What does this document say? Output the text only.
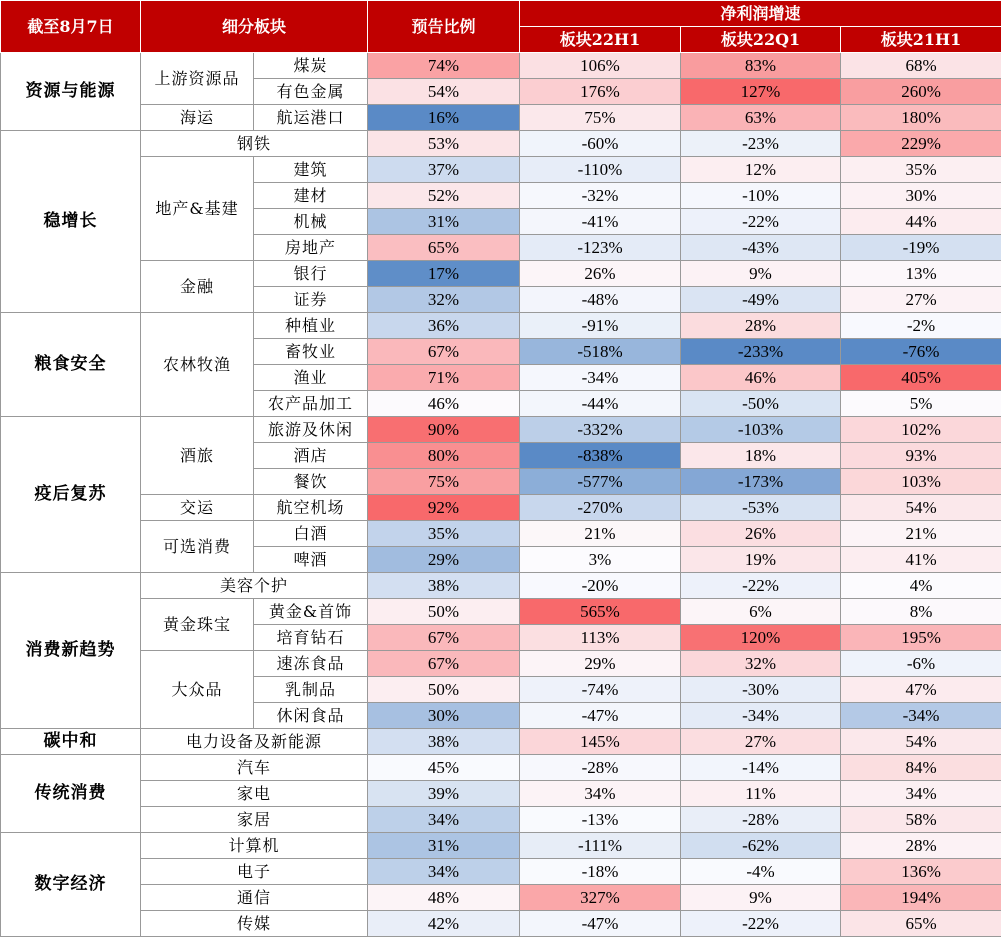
截至8月7日	细分板块		预告比例	净利润增速		
				板块22H1	板块22Q1	板块21H1
资源与能源	上游资源品	煤炭	74%	106%	83%	68%
		有色金属	54%	176%	127%	260%
	海运	航运港口	16%	75%	63%	180%
稳增长	钢铁		53%	-60%	-23%	229%
	地产&基建	建筑	37%	-110%	12%	35%
		建材	52%	-32%	-10%	30%
		机械	31%	-41%	-22%	44%
		房地产	65%	-123%	-43%	-19%
	金融	银行	17%	26%	9%	13%
		证券	32%	-48%	-49%	27%
粮食安全	农林牧渔	种植业	36%	-91%	28%	-2%
		畜牧业	67%	-518%	-233%	-76%
		渔业	71%	-34%	46%	405%
		农产品加工	46%	-44%	-50%	5%
疫后复苏	酒旅	旅游及休闲	90%	-332%	-103%	102%
		酒店	80%	-838%	18%	93%
		餐饮	75%	-577%	-173%	103%
	交运	航空机场	92%	-270%	-53%	54%
	可选消费	白酒	35%	21%	26%	21%
		啤酒	29%	3%	19%	41%
消费新趋势	美容个护		38%	-20%	-22%	4%
	黄金珠宝	黄金&首饰	50%	565%	6%	8%
		培育钻石	67%	113%	120%	195%
	大众品	速冻食品	67%	29%	32%	-6%
		乳制品	50%	-74%	-30%	47%
		休闲食品	30%	-47%	-34%	-34%
碳中和	电力设备及新能源		38%	145%	27%	54%
传统消费	汽车		45%	-28%	-14%	84%
	家电		39%	34%	11%	34%
	家居		34%	-13%	-28%	58%
数字经济	计算机		31%	-111%	-62%	28%
	电子		34%	-18%	-4%	136%
	通信		48%	327%	9%	194%
	传媒		42%	-47%	-22%	65%
